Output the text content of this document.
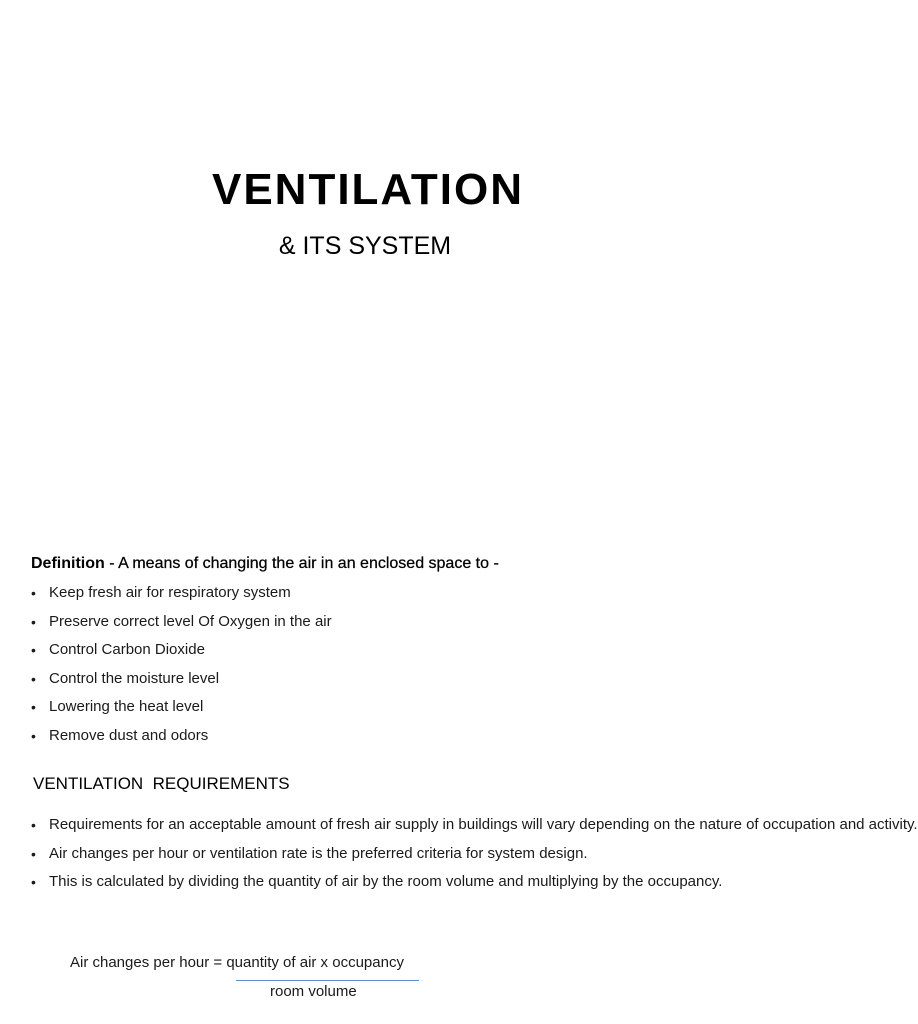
VENTILATION
& ITS SYSTEM
Definition - A means of changing the air in an enclosed space to -
• Keep fresh air for respiratory system
• Preserve correct level Of Oxygen in the air
• Control Carbon Dioxide
• Control the moisture level
• Lowering the heat level
• Remove dust and odors
VENTILATION  REQUIREMENTS
• Requirements for an acceptable amount of fresh air supply in buildings will vary depending on the nature of occupation and activity.
• Air changes per hour or ventilation rate is the preferred criteria for system design.
• This is calculated by dividing the quantity of air by the room volume and multiplying by the occupancy.
Air changes per hour = quantity of air x occupancy
room volume
